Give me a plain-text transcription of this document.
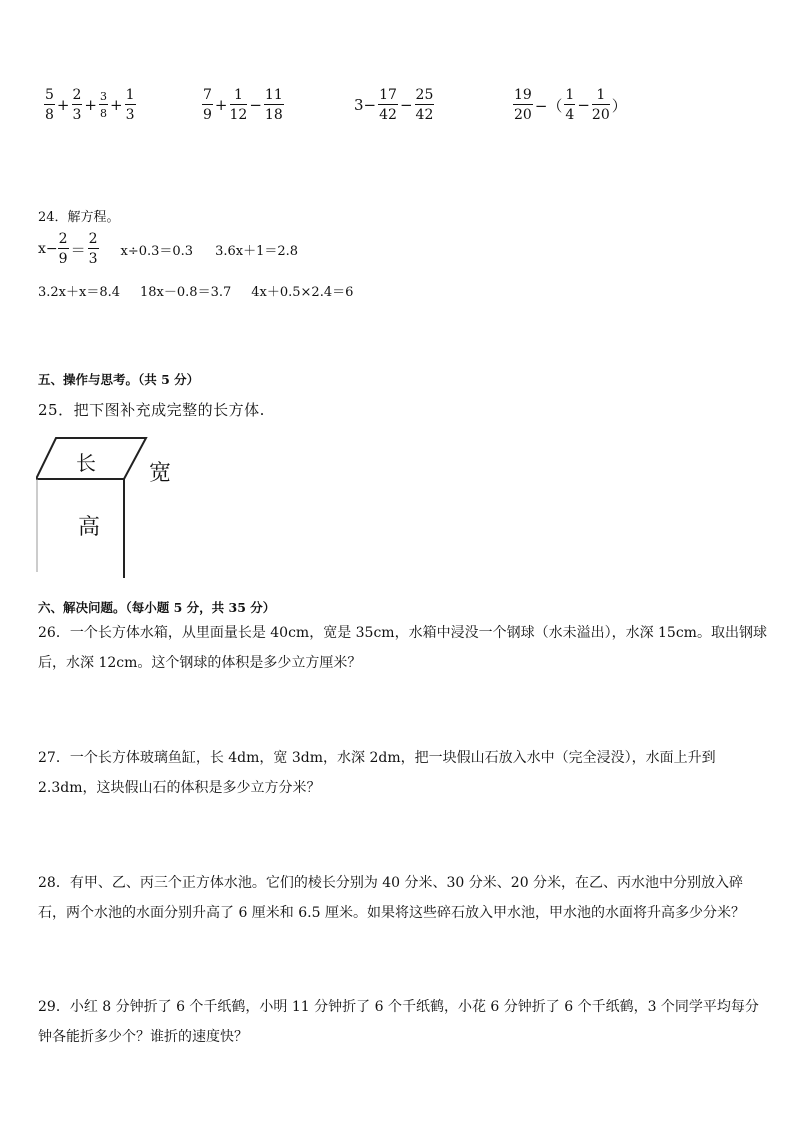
$\frac{5}{8} + \frac{2}{3} + \frac{3}{8} + \frac{1}{3}$	$\frac{7}{9} + \frac{1}{12} - \frac{11}{18}$	$3- \frac{17}{42} - \frac{25}{42}$	$\frac{19}{20}$ −（ $\frac{1}{4} - \frac{1}{20}$ ）
24．解方程。
$x- \frac{2}{9} = \frac{2}{3} x\div 0.3=0.3$ 3.6x＋1＝2.8
3.2x＋x＝8.4 18x－0.8＝3.7 4x＋0.5×2.4＝6
五、操作与思考。（共 5 分）
25．把下图补充成完整的长方体.
长 宽
高
六、解决问题。（每小题 5 分，共 35 分）
26．一个长方体水箱，从里面量长是 40cm，宽是 35cm，水箱中浸没一个钢球（水未溢出），水深 15cm。取出钢球后，水深 12cm。这个钢球的体积是多少立方厘米？
27．一个长方体玻璃鱼缸，长 4dm，宽 3dm，水深 2dm，把一块假山石放入水中（完全浸没），水面上升到 2.3dm，这块假山石的体积是多少立方分米？
28．有甲、乙、丙三个正方体水池。它们的棱长分别为 40 分米、30 分米、20 分米，在乙、丙水池中分别放入碎石，两个水池的水面分别升高了 6 厘米和 6.5 厘米。如果将这些碎石放入甲水池，甲水池的水面将升高多少分米？
29．小红 8 分钟折了 6 个千纸鹤，小明 11 分钟折了 6 个千纸鹤，小花 6 分钟折了 6 个千纸鹤，3 个同学平均每分钟各能折多少个？谁折的速度快？
